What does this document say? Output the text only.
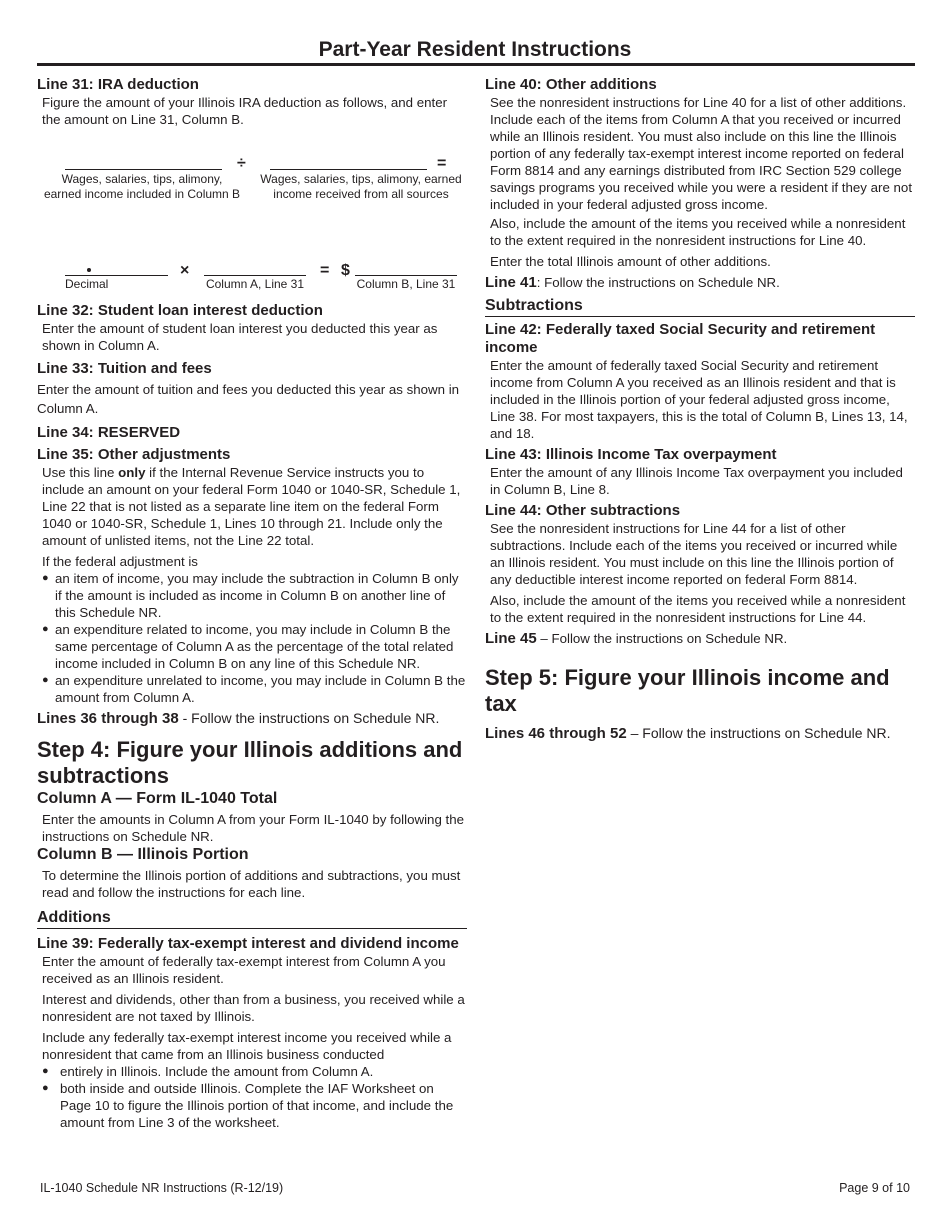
Part-Year Resident Instructions
Line 31: IRA deduction

Figure the amount of your Illinois IRA deduction as follows, and enter the amount on Line 31, Column B.

÷	=
Wages, salaries, tips, alimony,
earned income included in Column B
Wages, salaries, tips, alimony, earned
income received from all sources
Decimal
×
Column A, Line 31
= $
Column B, Line 31
Line 32: Student loan interest deduction

Enter the amount of student loan interest you deducted this year as shown in Column A.

Line 33: Tuition and fees

Enter the amount of tuition and fees you deducted this year as shown in Column A.

Line 34: RESERVED
Line 35: Other adjustments

Use this line only if the Internal Revenue Service instructs you to include an amount on your federal Form 1040 or 1040-SR, Schedule 1, Line 22 that is not listed as a separate line item on the federal Form 1040 or 1040-SR, Schedule 1, Lines 10 through 21. Include only the amount of unlisted items, not the Line 22 total.

If the federal adjustment is

● an item of income, you may include the subtraction in Column B only if the amount is included as income in Column B on another line of this Schedule NR.
● an expenditure related to income, you may include in Column B the same percentage of Column A as the percentage of the total related income included in Column B on any line of this Schedule NR.
● an expenditure unrelated to income, you may include in Column B the amount from Column A.

Lines 36 through 38 - Follow the instructions on Schedule NR.

Step 4: Figure your Illinois additions and subtractions
Column A — Form IL-1040 Total

Enter the amounts in Column A from your Form IL-1040 by following the instructions on Schedule NR.

Column B — Illinois Portion

To determine the Illinois portion of additions and subtractions, you must read and follow the instructions for each line.

Additions
Line 39: Federally tax-exempt interest and dividend income

Enter the amount of federally tax-exempt interest from Column A you received as an Illinois resident.

Interest and dividends, other than from a business, you received while a nonresident are not taxed by Illinois.

Include any federally tax-exempt interest income you received while a nonresident that came from an Illinois business conducted

● entirely in Illinois. Include the amount from Column A.
● both inside and outside Illinois. Complete the IAF Worksheet on Page 10 to figure the Illinois portion of that income, and include the amount from Line 3 of the worksheet.
Line 40: Other additions

See the nonresident instructions for Line 40 for a list of other additions. Include each of the items from Column A that you received or incurred while an Illinois resident. You must also include on this line the Illinois portion of any federally tax-exempt interest income reported on federal Form 8814 and any earnings distributed from IRC Section 529 college savings programs you received while you were a resident if they are not included in your federal adjusted gross income.

Also, include the amount of the items you received while a nonresident to the extent required in the nonresident instructions for Line 40.

Enter the total Illinois amount of other additions.

Line 41: Follow the instructions on Schedule NR.

Subtractions
Line 42: Federally taxed Social Security and retirement income

Enter the amount of federally taxed Social Security and retirement income from Column A you received as an Illinois resident and that is included in the Illinois portion of your federal adjusted gross income, Line 38. For most taxpayers, this is the total of Column B, Lines 13, 14, and 18.

Line 43: Illinois Income Tax overpayment

Enter the amount of any Illinois Income Tax overpayment you included in Column B, Line 8.

Line 44: Other subtractions

See the nonresident instructions for Line 44 for a list of other subtractions. Include each of the items you received or incurred while an Illinois resident. You must include on this line the Illinois portion of any deductible interest income reported on federal Form 8814.

Also, include the amount of the items you received while a nonresident to the extent required in the nonresident instructions for Line 44.

Line 45 – Follow the instructions on Schedule NR.

Step 5: Figure your Illinois income and tax

Lines 46 through 52 – Follow the instructions on Schedule NR.

IL-1040 Schedule NR Instructions (R-12/19)	Page 9 of 10
